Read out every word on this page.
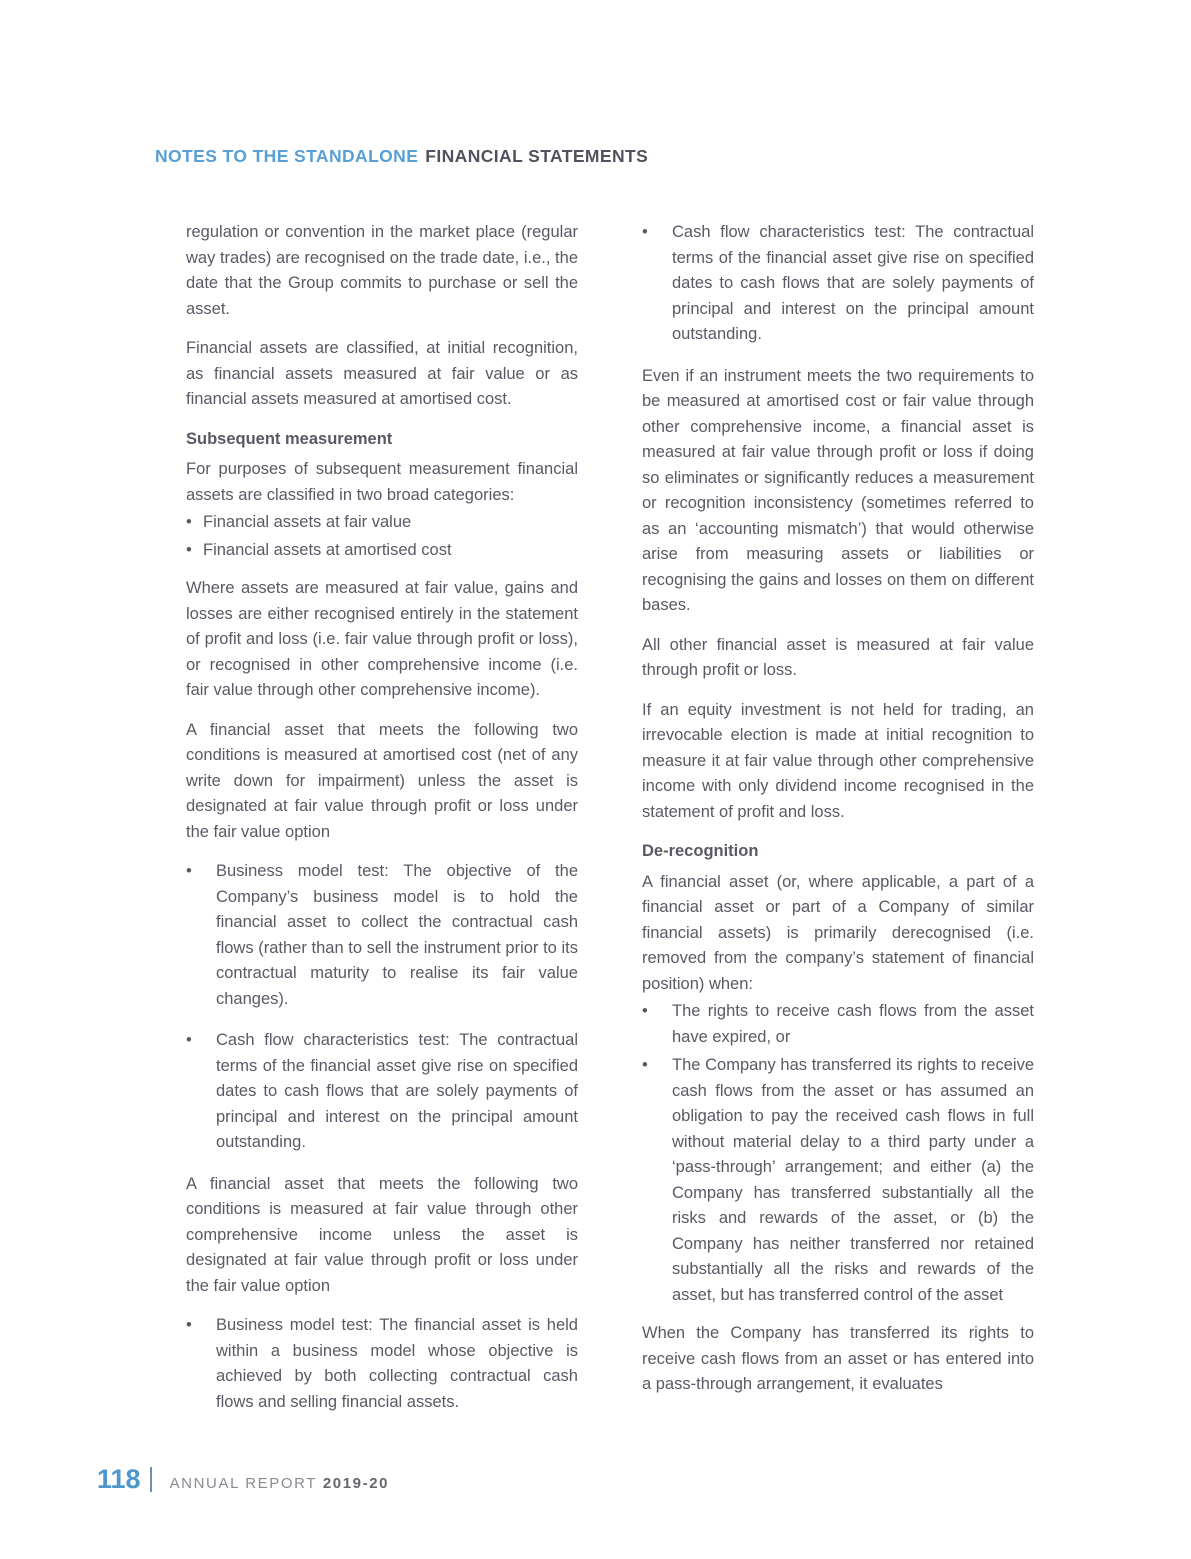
NOTES TO THE STANDALONE FINANCIAL STATEMENTS
regulation or convention in the market place (regular way trades) are recognised on the trade date, i.e., the date that the Group commits to purchase or sell the asset.
Financial assets are classified, at initial recognition, as financial assets measured at fair value or as financial assets measured at amortised cost.
Subsequent measurement
For purposes of subsequent measurement financial assets are classified in two broad categories:
• Financial assets at fair value
• Financial assets at amortised cost
Where assets are measured at fair value, gains and losses are either recognised entirely in the statement of profit and loss (i.e. fair value through profit or loss), or recognised in other comprehensive income (i.e. fair value through other comprehensive income).
A financial asset that meets the following two conditions is measured at amortised cost (net of any write down for impairment) unless the asset is designated at fair value through profit or loss under the fair value option
•	Business model test: The objective of the Company’s business model is to hold the financial asset to collect the contractual cash flows (rather than to sell the instrument prior to its contractual maturity to realise its fair value changes).
•	Cash flow characteristics test: The contractual terms of the financial asset give rise on specified dates to cash flows that are solely payments of principal and interest on the principal amount outstanding.
A financial asset that meets the following two conditions is measured at fair value through other comprehensive income unless the asset is designated at fair value through profit or loss under the fair value option
•	Business model test: The financial asset is held within a business model whose objective is achieved by both collecting contractual cash flows and selling financial assets.
•	Cash flow characteristics test: The contractual terms of the financial asset give rise on specified dates to cash flows that are solely payments of principal and interest on the principal amount outstanding.
Even if an instrument meets the two requirements to be measured at amortised cost or fair value through other comprehensive income, a financial asset is measured at fair value through profit or loss if doing so eliminates or significantly reduces a measurement or recognition inconsistency (sometimes referred to as an ‘accounting mismatch’) that would otherwise arise from measuring assets or liabilities or recognising the gains and losses on them on different bases.
All other financial asset is measured at fair value through profit or loss.
If an equity investment is not held for trading, an irrevocable election is made at initial recognition to measure it at fair value through other comprehensive income with only dividend income recognised in the statement of profit and loss.
De-recognition
A financial asset (or, where applicable, a part of a financial asset or part of a Company of similar financial assets) is primarily derecognised (i.e. removed from the company’s statement of financial position) when:
•	The rights to receive cash flows from the asset have expired, or
•	The Company has transferred its rights to receive cash flows from the asset or has assumed an obligation to pay the received cash flows in full without material delay to a third party under a ‘pass-through’ arrangement; and either (a) the Company has transferred substantially all the risks and rewards of the asset, or (b) the Company has neither transferred nor retained substantially all the risks and rewards of the asset, but has transferred control of the asset
When the Company has transferred its rights to receive cash flows from an asset or has entered into a pass-through arrangement, it evaluates
118 ANNUAL REPORT 2019-20
